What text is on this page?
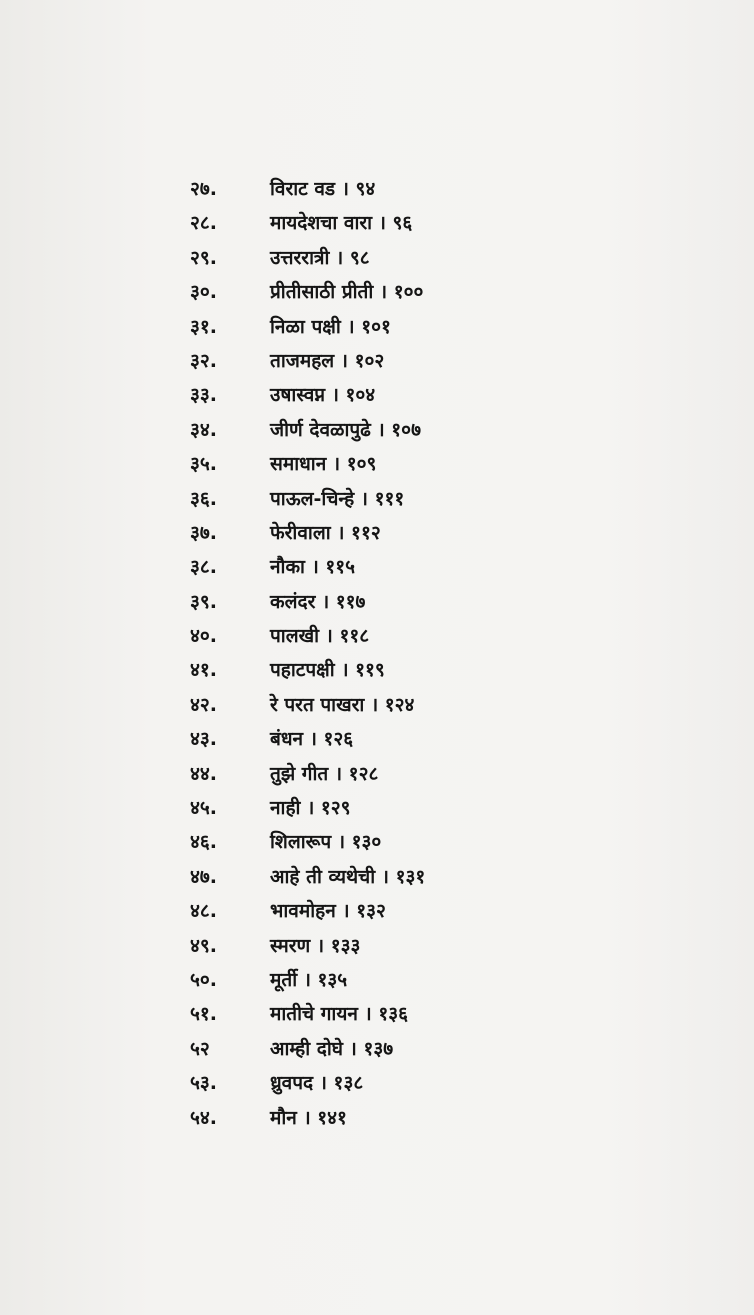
२७.	विराट वड । ९४
२८.	मायदेशचा वारा । ९६
२९.	उत्तररात्री । ९८
३०.	प्रीतीसाठी प्रीती । १००
३१.	निळा पक्षी । १०१
३२.	ताजमहल । १०२
३३.	उषास्वप्न । १०४
३४.	जीर्ण देवळापुढे । १०७
३५.	समाधान । १०९
३६.	पाऊल-चिन्हे । १११
३७.	फेरीवाला । ११२
३८.	नौका । ११५
३९.	कलंदर । ११७
४०.	पालखी । ११८
४१.	पहाटपक्षी । ११९
४२.	रे परत पाखरा । १२४
४३.	बंधन । १२६
४४.	तुझे गीत । १२८
४५.	नाही । १२९
४६.	शिलारूप । १३०
४७.	आहे ती व्यथेची । १३१
४८.	भावमोहन । १३२
४९.	स्मरण । १३३
५०.	मूर्ती । १३५
५१.	मातीचे गायन । १३६
५२	आम्ही दोघे । १३७
५३.	ध्रुवपद । १३८
५४.	मौन । १४१
